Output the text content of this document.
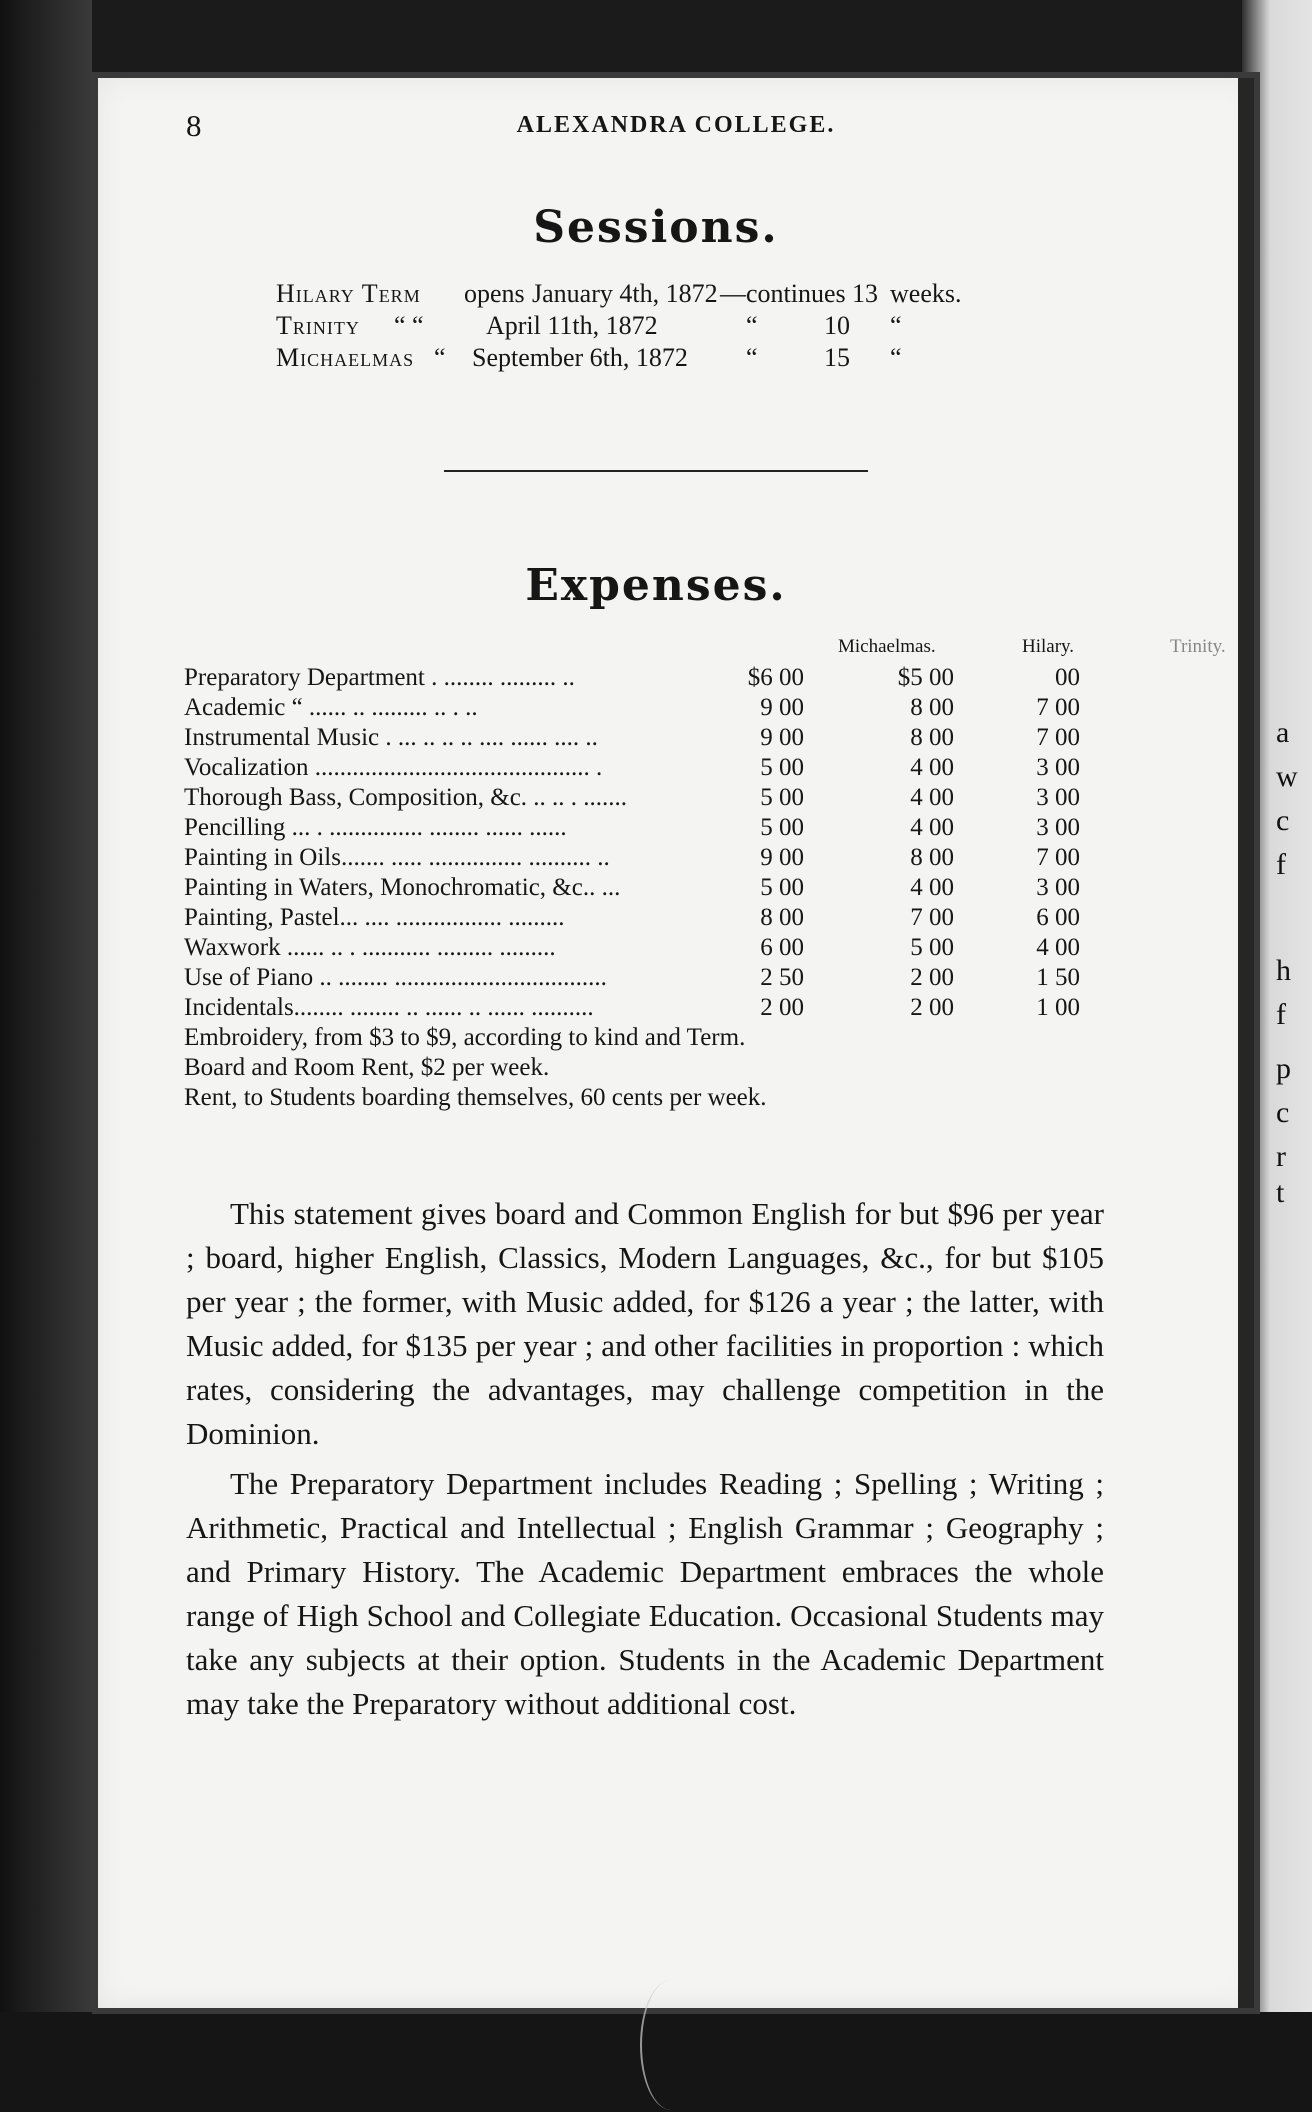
a
w
c
f
h
f
p
c
r
t
8	ALEXANDRA COLLEGE.
Sessions.
Hilary Term opens January 4th, 1872 —continues 13 weeks.
Trinity “ “ April 11th, 1872	“	10 “
Michaelmas “ September 6th, 1872 “	15 “
Expenses.
Michaelmas.	Hilary.	Trinity.
Preparatory Department . ........ ......... ..	$6 00	$5 00	00
Academic “ ...... .. ......... .. . ..	9 00	8 00	7 00
Instrumental Music . ... .. .. .. .... ...... .... ..	9 00	8 00	7 00
Vocalization ............................................ .	5 00	4 00	3 00
Thorough Bass, Composition, &c. .. .. . .......	5 00	4 00	3 00
Pencilling ... . ............... ........ ...... ......	5 00	4 00	3 00
Painting in Oils....... ..... ............... .......... ..	9 00	8 00	7 00
Painting in Waters, Monochromatic, &c.. ...	5 00	4 00	3 00
Painting, Pastel... .... ................. .........	8 00	7 00	6 00
Waxwork ...... .. . ........... ......... .........	6 00	5 00	4 00
Use of Piano .. ........ ..................................	2 50	2 00	1 50
Incidentals........ ........ .. ...... .. ...... ..........	2 00	2 00	1 00
Embroidery, from $3 to $9, according to kind and Term.
Board and Room Rent, $2 per week.
Rent, to Students boarding themselves, 60 cents per week.

This statement gives board and Common English for but $96 per year ; board, higher English, Classics, Modern Languages, &c., for but $105 per year ; the former, with Music added, for $126 a year ; the latter, with Music added, for $135 per year ; and other facilities in proportion : which rates, considering the advantages, may challenge competition in the Dominion.

The Preparatory Department includes Reading ; Spelling ; Writing ; Arithmetic, Practical and Intellectual ; English Grammar ; Geography ; and Primary History. The Academic Department embraces the whole range of High School and Collegiate Education. Occasional Students may take any subjects at their option. Students in the Academic Department may take the Preparatory without additional cost.
